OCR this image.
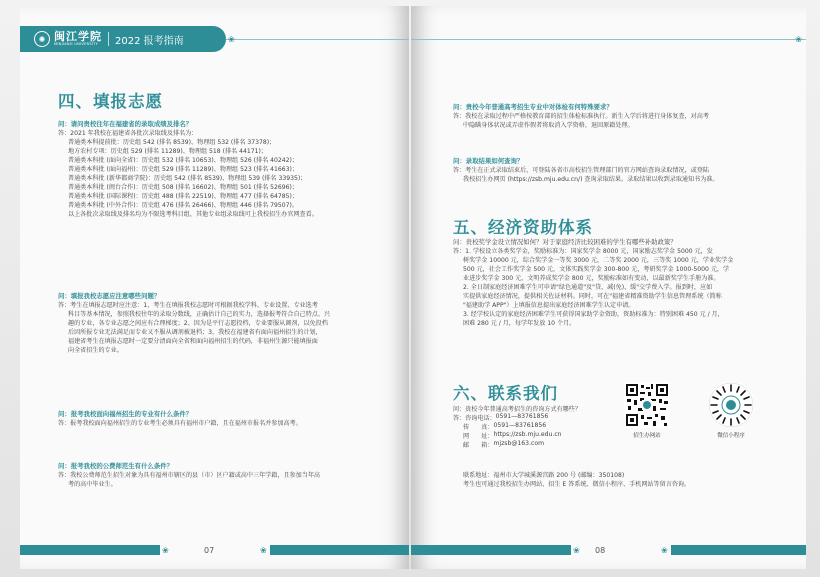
✺ 闽江学院
MINJIANG UNIVERSITY	2022 报考指南	❀
四、填报志愿
问：请问贵校往年在福建省的录取成绩及排名？
答：2021 年我校在福建省各批次录取线及排名为：
普通类本科提前批：历史组 542 (排名 8539)、物理组 532 (排名 37378)；
地方农村专项：历史组 529 (排名 11289)、物理组 518 (排名 44171)；
普通类本科批 (面向全省)：历史组 532 (排名 10653)、物理组 526 (排名 40242)；
普通类本科批 (面向福州)：历史组 529 (排名 11289)、物理组 523 (排名 41663)；
普通类本科批 (新华都商学院)：历史组 542 (排名 8539)、物理组 539 (排名 33935)；
普通类本科批 (闽台合作)：历史组 508 (排名 16602)、物理组 501 (排名 52696)；
普通类本科批 (国际课程)：历史组 488 (排名 22519)、物理组 477 (排名 64785)；
普通类本科批 (中外合作)：历史组 476 (排名 26466)、物理组 446 (排名 79507)。
以上各批次录取线及排名均为不限选考科目组，其他专业组录取线可上我校招生办官网查看。
问：填报我校志愿应注意哪些问题？
答：考生在填报志愿时应注意：1、考生在填报我校志愿时可根据我校学科、专业设置、专业选考
科目等基本情况，参照我校往年的录取分数线，正确估计自己的实力，选择报考符合自己特点、兴
趣的专业，各专业志愿之间应有合理梯度；2、因为是平行志愿投档，专业要服从调剂，以免投档
后因所报专业无法满足而专业又不服从调剂被退档；3、我校在福建省有面向福州招生的计划，
福建省考生在填报志愿时一定要分清面向全省和面向福州招生的代码，非福州生源只能填报面
向全省招生的专业。
问：报考我校面向福州招生的专业有什么条件？
答：报考我校面向福州招生的专业考生必须具有福州市户籍，且在福州市报名并参加高考。
问：报考我校的公费师范生有什么条件？
答：我校公费师范生招生对象为具有福州市辖区的县（市）区户籍或高中三年学籍，且参加当年高
考的高中毕业生。
❀	07	❀
❀
问：贵校今年普通高考招生专业中对体检有何特殊要求？
答：我校在录取过程中严格按教育部的招生体检标准执行。新生入学后将进行身体复查，对高考
中隐瞒身体状况或弄虚作假者将取消入学资格，退回原籍处理。
问：录取结果如何查询？
答：考生在正式录取结束后，可登陆各省市高校招生管理部门的官方网站查询录取情况，或登陆
我校招生办网页 (https://zsb.mju.edu.cn/) 查询录取结果。录取结果以收到录取通知书为准。
五、经济资助体系
问：贵校奖学金设立情况如何？对于家庭经济比较困难的学生有哪些补助政策？
答：1. 学校设立各类奖学金，奖励标准为：国家奖学金 8000 元，国家励志奖学金 5000 元，发
树奖学金 10000 元，综合奖学金一等奖 3000 元，二等奖 2000 元，三等奖 1000 元，学业奖学金
500 元，社会工作奖学金 500 元，文体实践奖学金 300-800 元，考研奖学金 1000-5000 元，学
业进步奖学金 300 元，文明养成奖学金 800 元，奖励标准如有变动，以最新奖学生手册为准。
2. 全日制家庭经济困难学生可申请"绿色通道"及"贷、减(免)、缓"交学费入学。报到时，应如
实提供家庭经济情况，提供相关佐证材料。同时，可在"福建省精准资助学生信息管理系统（简称
"福建助学 APP"）上填报信息提出家庭经济困难学生认定申请。
3. 经学校认定的家庭经济困难学生可获得国家助学金资助，资助标准为：特别困难 450 元 / 月，
困难 280 元 / 月，每学年发放 10 个月。
六、联系我们
问：贵校今年普通高考招生的咨询方式有哪些？
答： 咨询电话： 0591—83761856
传　　真： 0591—83761856
网　　址： https://zsb.mju.edu.cn
邮　　箱： mjzsb@163.com
联系地址： 福州市大学城溪源宫路 200 号 (邮编：350108)
考生也可通过我校招生办网站、招生 E 答系统、微信小程序、手机网站等留言咨询。
招生办网站	微信小程序
❀ 08	❀
